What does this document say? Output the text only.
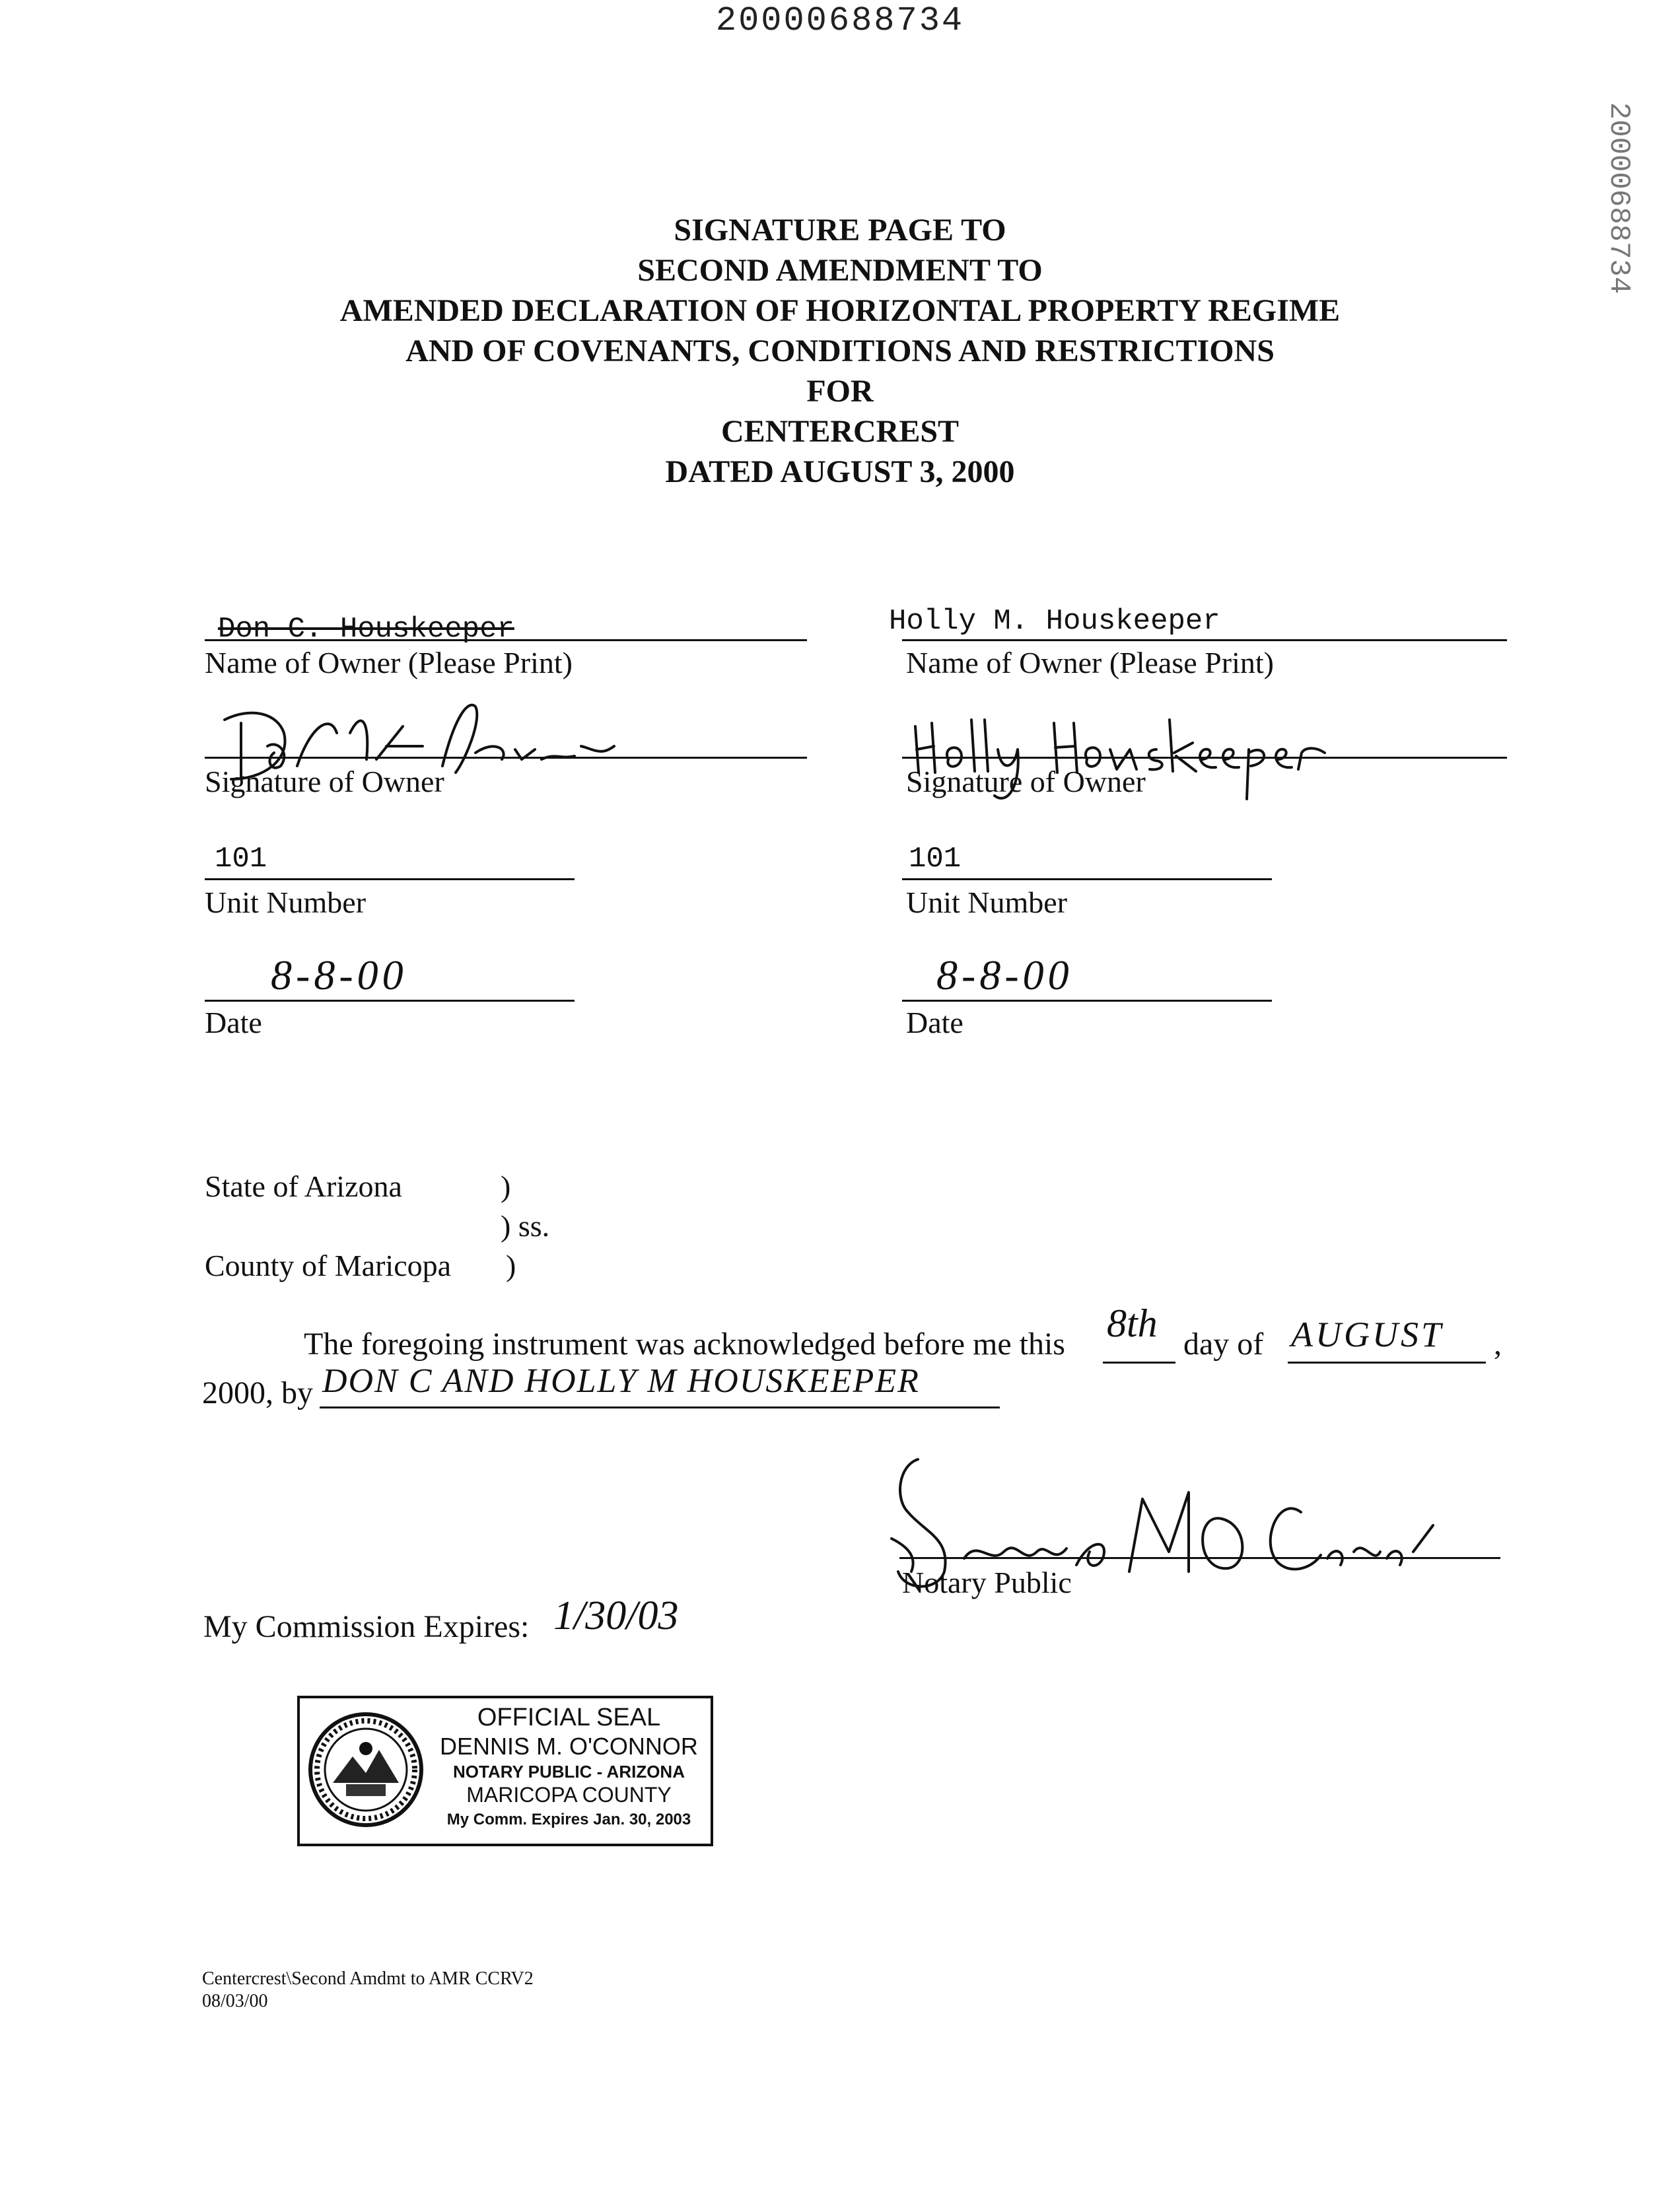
20000688734
20000688734
SIGNATURE PAGE TO
SECOND AMENDMENT TO
AMENDED DECLARATION OF HORIZONTAL PROPERTY REGIME
AND OF COVENANTS, CONDITIONS AND RESTRICTIONS
FOR
CENTERCREST
DATED AUGUST 3, 2000
Don C. Houskeeper
Name of Owner (Please Print)
Signature of Owner
101
Unit Number
8-8-00
Date
Holly M. Houskeeper
Name of Owner (Please Print)
Signature of Owner
101
Unit Number
8-8-00
Date
State of Arizona	)
) ss.
County of Maricopa )
The foregoing instrument was acknowledged before me this 8th day of AUGUST ,
2000, by DON C AND HOLLY M HOUSKEEPER
Notary Public
My Commission Expires: 1/30/03
OFFICIAL SEAL
DENNIS M. O'CONNOR
NOTARY PUBLIC - ARIZONA
MARICOPA COUNTY
My Comm. Expires Jan. 30, 2003
Centercrest\Second Amdmt to AMR CCRV2
08/03/00
